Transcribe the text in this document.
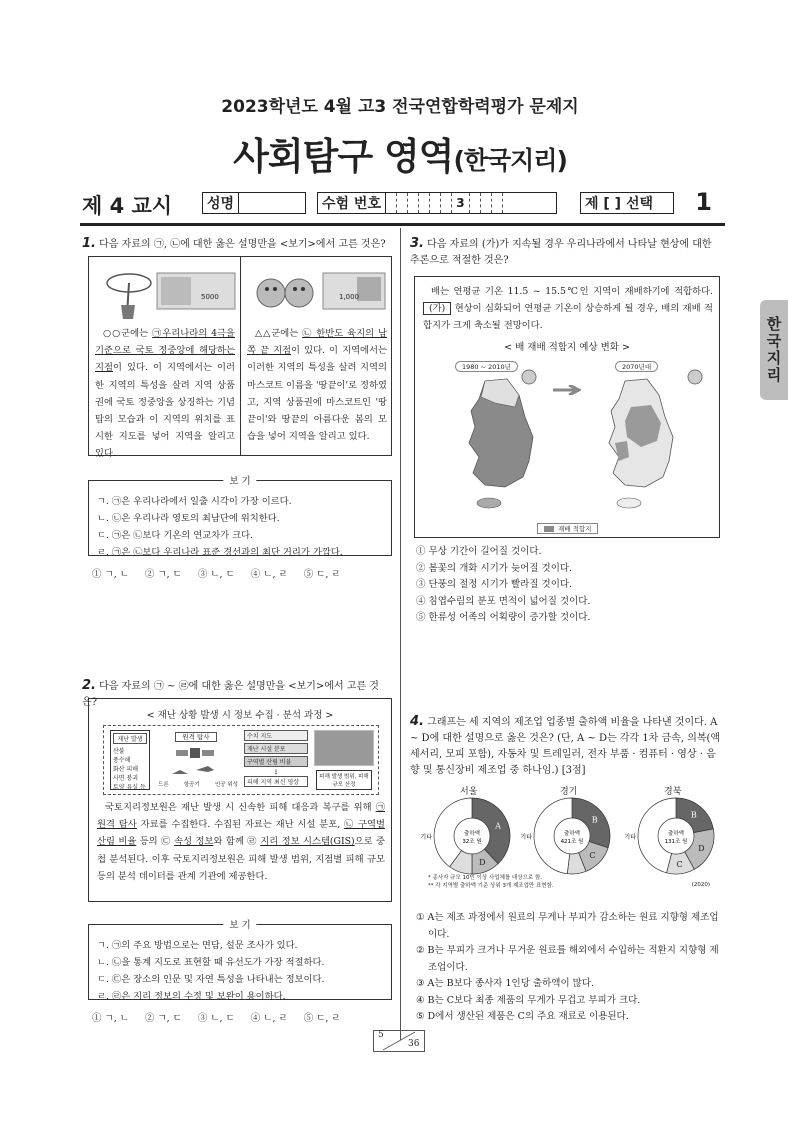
2023학년도 4월 고3 전국연합학력평가 문제지
사회탐구 영역(한국지리)
제 4 교시 성명	수험 번호	3	제 [ ] 선택	1
한국지리
1. 다음 자료의 ㉠, ㉡에 대한 옳은 설명만을 <보기>에서 고른 것은?
5000	1,000
○○군에는 ㉠우리나라의 4극을 기준으로 국토 정중앙에 해당하는 지점이 있다. 이 지역에서는 이러한 지역의 특성을 살려 지역 상품권에 국토 정중앙을 상징하는 기념탑의 모습과 이 지역의 위치를 표시한 지도를 넣어 지역을 알리고 있다.
△△군에는 ㉡ 한반도 육지의 남쪽 끝 지점이 있다. 이 지역에서는 이러한 지역의 특성을 살려 지역의 마스코트 이름을 '땅끝이'로 정하였고, 지역 상품권에 마스코트인 '땅끝이'와 땅끝의 아름다운 봄의 모습을 넣어 지역을 알리고 있다.
보 기
ㄱ. ㉠은 우리나라에서 일출 시각이 가장 이르다.
ㄴ. ㉡은 우리나라 영토의 최남단에 위치한다.
ㄷ. ㉠은 ㉡보다 기온의 연교차가 크다.
ㄹ. ㉠은 ㉡보다 우리나라 표준 경선과의 최단 거리가 가깝다.
① ㄱ, ㄴ ② ㄱ, ㄷ ③ ㄴ, ㄷ ④ ㄴ, ㄹ ⑤ ㄷ, ㄹ
2. 다음 자료의 ㉠ ~ ㉣에 대한 옳은 설명만을 <보기>에서 고른 것은?
< 재난 상황 발생 시 정보 수집 · 분석 과정 >
재난 발생
산불
풍수해
화산 피해
사면 붕괴
토양 유실 등
원격 탐사
드론	항공기	인공 위성
수치 지도
재난 시설 분포
구역별 산림 비율
⋮
피해 지역 최신 영상
피해 발생 범위, 피해 규모 산정
국토지리정보원은 재난 발생 시 신속한 피해 대응과 복구를 위해 ㉠ 원격 탐사 자료를 수집한다. 수집된 자료는 재난 시설 분포, ㉡ 구역별 산림 비율 등의 ㉢ 속성 정보와 함께 ㉣ 지리 정보 시스템(GIS)으로 중첩 분석된다. 이후 국토지리정보원은 피해 발생 범위, 지점별 피해 규모 등의 분석 데이터를 관계 기관에 제공한다.
보 기
ㄱ. ㉠의 주요 방법으로는 면담, 설문 조사가 있다.
ㄴ. ㉡을 통계 지도로 표현할 때 유선도가 가장 적절하다.
ㄷ. ㉢은 장소의 인문 및 자연 특성을 나타내는 정보이다.
ㄹ. ㉣은 지리 정보의 수정 및 보완이 용이하다.
① ㄱ, ㄴ ② ㄱ, ㄷ ③ ㄴ, ㄷ ④ ㄴ, ㄹ ⑤ ㄷ, ㄹ
3. 다음 자료의 (가)가 지속될 경우 우리나라에서 나타날 현상에 대한 추론으로 적절한 것은?
배는 연평균 기온 11.5 ~ 15.5℃인 지역이 재배하기에 적합하다. (가) 현상이 심화되어 연평균 기온이 상승하게 될 경우, 배의 재배 적합지가 크게 축소될 전망이다.
< 배 재배 적합지 예상 변화 >
1980 ~ 2010년	2070년대
재배 적합지
① 무상 기간이 길어질 것이다.
② 봄꽃의 개화 시기가 늦어질 것이다.
③ 단풍의 절정 시기가 빨라질 것이다.
④ 침엽수림의 분포 면적이 넓어질 것이다.
⑤ 한류성 어족의 어획량이 증가할 것이다.
4. 그래프는 세 지역의 제조업 업종별 출하액 비율을 나타낸 것이다. A ~ D에 대한 설명으로 옳은 것은? (단, A ~ D는 각각 1차 금속, 의복(액세서리, 모피 포함), 자동차 및 트레일러, 전자 부품 · 컴퓨터 · 영상 · 음향 및 통신장비 제조업 중 하나임.) [3점]
서울	경기	경북
A
D
기타	출하액
32조 원
B
C
기타	출하액
421조 원
B
D
C
기타	출하액
131조 원
* 종사자 규모 10인 이상 사업체를 대상으로 함.
** 각 지역별 출하액 기준 상위 3개 제조업만 표현함.	(2020)
① A는 제조 과정에서 원료의 무게나 부피가 감소하는 원료 지향형 제조업이다.
② B는 부피가 크거나 무거운 원료를 해외에서 수입하는 적환지 지향형 제조업이다.
③ A는 B보다 종사자 1인당 출하액이 많다.
④ B는 C보다 최종 제품의 무게가 무겁고 부피가 크다.
⑤ D에서 생산된 제품은 C의 주요 재료로 이용된다.
5
36
